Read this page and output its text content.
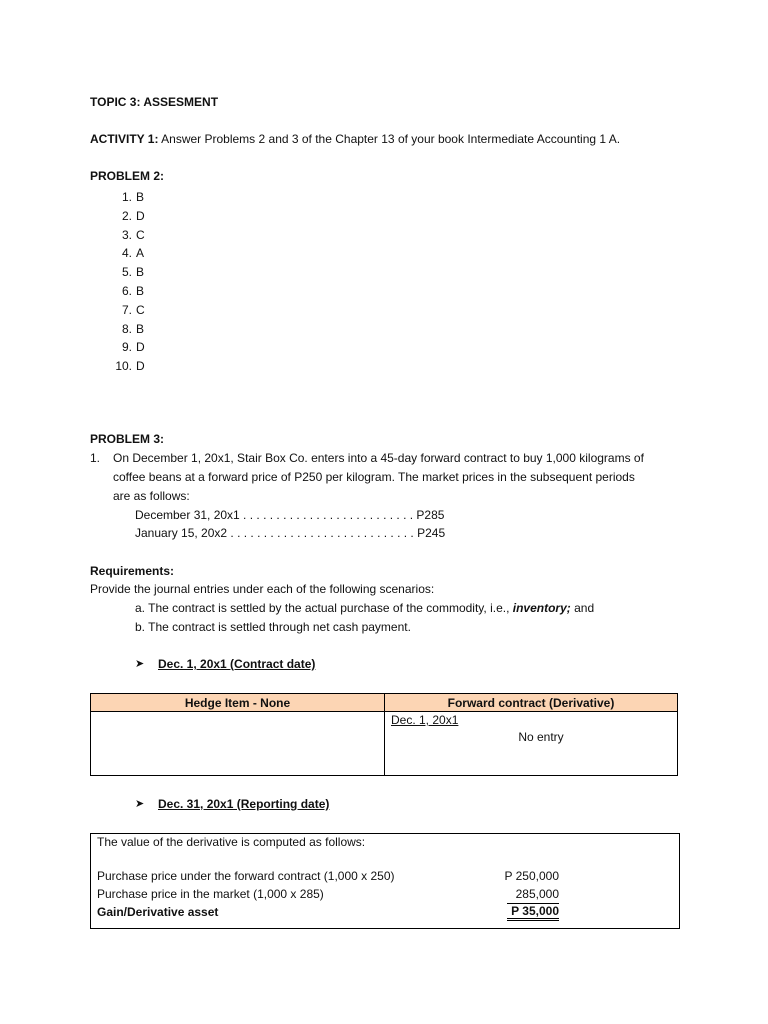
TOPIC 3: ASSESMENT
ACTIVITY 1: Answer Problems 2 and 3 of the Chapter 13 of your book Intermediate Accounting 1 A.
PROBLEM 2:
1. B
2. D
3. C
4. A
5. B
6. B
7. C
8. B
9. D
10. D
PROBLEM 3:
1. On December 1, 20x1, Stair Box Co. enters into a 45-day forward contract to buy 1,000 kilograms of
coffee beans at a forward price of P250 per kilogram. The market prices in the subsequent periods
are as follows:
December 31, 20x1 . . . . . . . . . . . . . . . . . . . . . . . . . . P285
January 15, 20x2 . . . . . . . . . . . . . . . . . . . . . . . . . . . . P245
Requirements:
Provide the journal entries under each of the following scenarios:
a. The contract is settled by the actual purchase of the commodity, i.e., inventory; and
b. The contract is settled through net cash payment.
➤ Dec. 1, 20x1 (Contract date)
Hedge Item - None	Forward contract (Derivative)

	Dec. 1, 20x1
No entry
➤ Dec. 31, 20x1 (Reporting date)
The value of the derivative is computed as follows:
Purchase price under the forward contract (1,000 x 250)	P 250,000
Purchase price in the market (1,000 x 285)	285,000
Gain/Derivative asset	P 35,000
